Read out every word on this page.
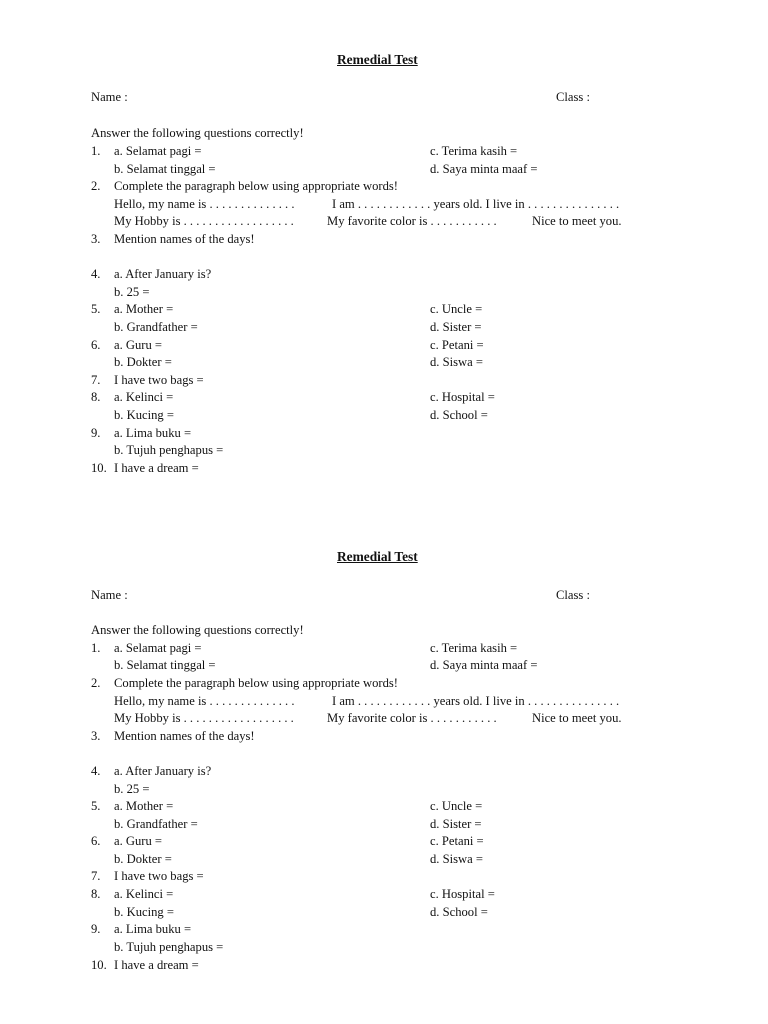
Remedial Test
Name :	Class :
Answer the following questions correctly!
1. a. Selamat pagi =	c. Terima kasih =
b. Selamat tinggal =	d. Saya minta maaf =
2. Complete the paragraph below using appropriate words!
Hello, my name is . . . . . . . . . . . . . .	I am . . . . . . . . . . . . years old. I live in . . . . . . . . . . . . . . .
My Hobby is . . . . . . . . . . . . . . . . . .	My favorite color is . . . . . . . . . . .	Nice to meet you.
3. Mention names of the days!
4. a. After January is?
b. 25 =
5. a. Mother =	c. Uncle =
b. Grandfather =	d. Sister =
6. a. Guru =	c. Petani =
b. Dokter =	d. Siswa =
7. I have two bags =
8. a. Kelinci =	c. Hospital =
b. Kucing =	d. School =
9. a. Lima buku =
b. Tujuh penghapus =
10. I have a dream =
Remedial Test
Name :	Class :
Answer the following questions correctly!
1. a. Selamat pagi =	c. Terima kasih =
b. Selamat tinggal =	d. Saya minta maaf =
2. Complete the paragraph below using appropriate words!
Hello, my name is . . . . . . . . . . . . . .	I am . . . . . . . . . . . . years old. I live in . . . . . . . . . . . . . . .
My Hobby is . . . . . . . . . . . . . . . . . .	My favorite color is . . . . . . . . . . .	Nice to meet you.
3. Mention names of the days!
4. a. After January is?
b. 25 =
5. a. Mother =	c. Uncle =
b. Grandfather =	d. Sister =
6. a. Guru =	c. Petani =
b. Dokter =	d. Siswa =
7. I have two bags =
8. a. Kelinci =	c. Hospital =
b. Kucing =	d. School =
9. a. Lima buku =
b. Tujuh penghapus =
10. I have a dream =
